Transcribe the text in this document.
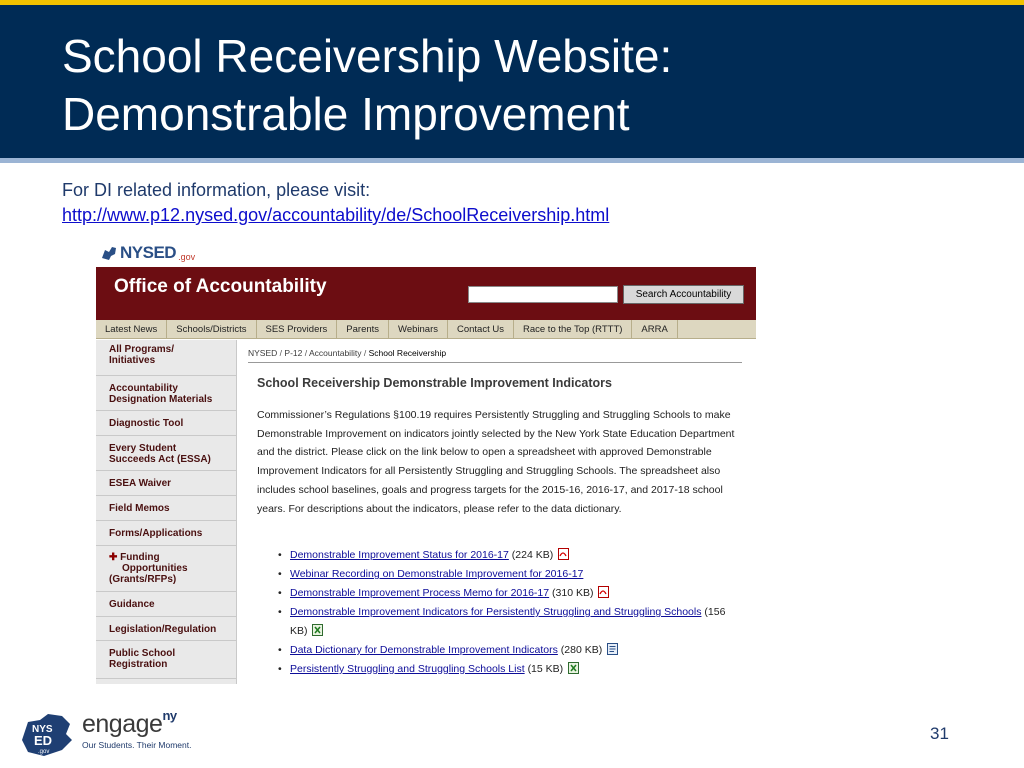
School Receivership Website:
Demonstrable Improvement
For DI related information, please visit:
http://www.p12.nysed.gov/accountability/de/SchoolReceivership.html
NYSED .gov
Office of Accountability	Search Accountability
Latest News	Schools/Districts	SES Providers	Parents	Webinars	Contact Us	Race to the Top (RTTT)	ARRA
All Programs/
Initiatives
Accountability
Designation Materials
Diagnostic Tool
Every Student
Succeeds Act (ESSA)
ESEA Waiver
Field Memos
Forms/Applications
✚ Funding
Opportunities
(Grants/RFPs)
Guidance
Legislation/Regulation
Public School
Registration
NYSED / P-12 / Accountability / School Receivership
School Receivership Demonstrable Improvement Indicators

Commissioner’s Regulations §100.19 requires Persistently Struggling and Struggling Schools to make Demonstrable Improvement on indicators jointly selected by the New York State Education Department and the district. Please click on the link below to open a spreadsheet with approved Demonstrable Improvement Indicators for all Persistently Struggling and Struggling Schools. The spreadsheet also includes school baselines, goals and progress targets for the 2015-16, 2016-17, and 2017-18 school years. For descriptions about the indicators, please refer to the data dictionary.

• Demonstrable Improvement Status for 2016-17 (224 KB)
• Webinar Recording on Demonstrable Improvement for 2016-17
• Demonstrable Improvement Process Memo for 2016-17 (310 KB)
• Demonstrable Improvement Indicators for Persistently Struggling and Struggling Schools (156 KB)
• Data Dictionary for Demonstrable Improvement Indicators (280 KB)
• Persistently Struggling and Struggling Schools List (15 KB)
NYS
ED
.gov
engage$^{ny}$
Our Students. Their Moment.
31
